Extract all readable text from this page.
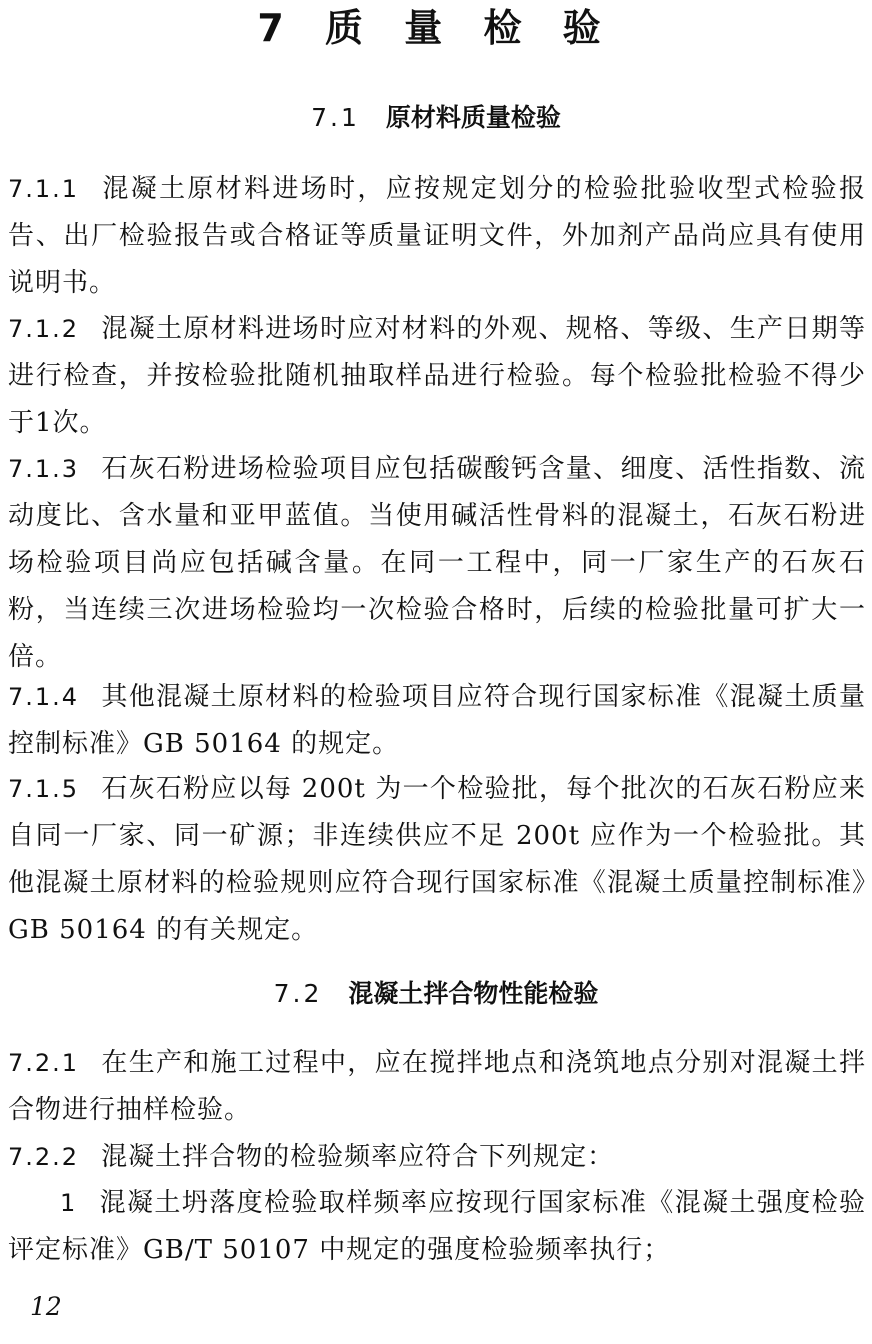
7 质 量 检 验
7.1 原材料质量检验
7.1.1 混凝土原材料进场时，应按规定划分的检验批验收型式检验报告、出厂检验报告或合格证等质量证明文件，外加剂产品尚应具有使用说明书。
7.1.2 混凝土原材料进场时应对材料的外观、规格、等级、生产日期等进行检查，并按检验批随机抽取样品进行检验。每个检验批检验不得少于1次。
7.1.3 石灰石粉进场检验项目应包括碳酸钙含量、细度、活性指数、流动度比、含水量和亚甲蓝值。当使用碱活性骨料的混凝土，石灰石粉进场检验项目尚应包括碱含量。在同一工程中，同一厂家生产的石灰石粉，当连续三次进场检验均一次检验合格时，后续的检验批量可扩大一倍。
7.1.4 其他混凝土原材料的检验项目应符合现行国家标准《混凝土质量控制标准》GB 50164 的规定。
7.1.5 石灰石粉应以每 200t 为一个检验批，每个批次的石灰石粉应来自同一厂家、同一矿源；非连续供应不足 200t 应作为一个检验批。其他混凝土原材料的检验规则应符合现行国家标准《混凝土质量控制标准》GB 50164 的有关规定。
7.2 混凝土拌合物性能检验
7.2.1 在生产和施工过程中，应在搅拌地点和浇筑地点分别对混凝土拌合物进行抽样检验。
7.2.2 混凝土拌合物的检验频率应符合下列规定：
1 混凝土坍落度检验取样频率应按现行国家标准《混凝土强度检验评定标准》GB/T 50107 中规定的强度检验频率执行；
12
